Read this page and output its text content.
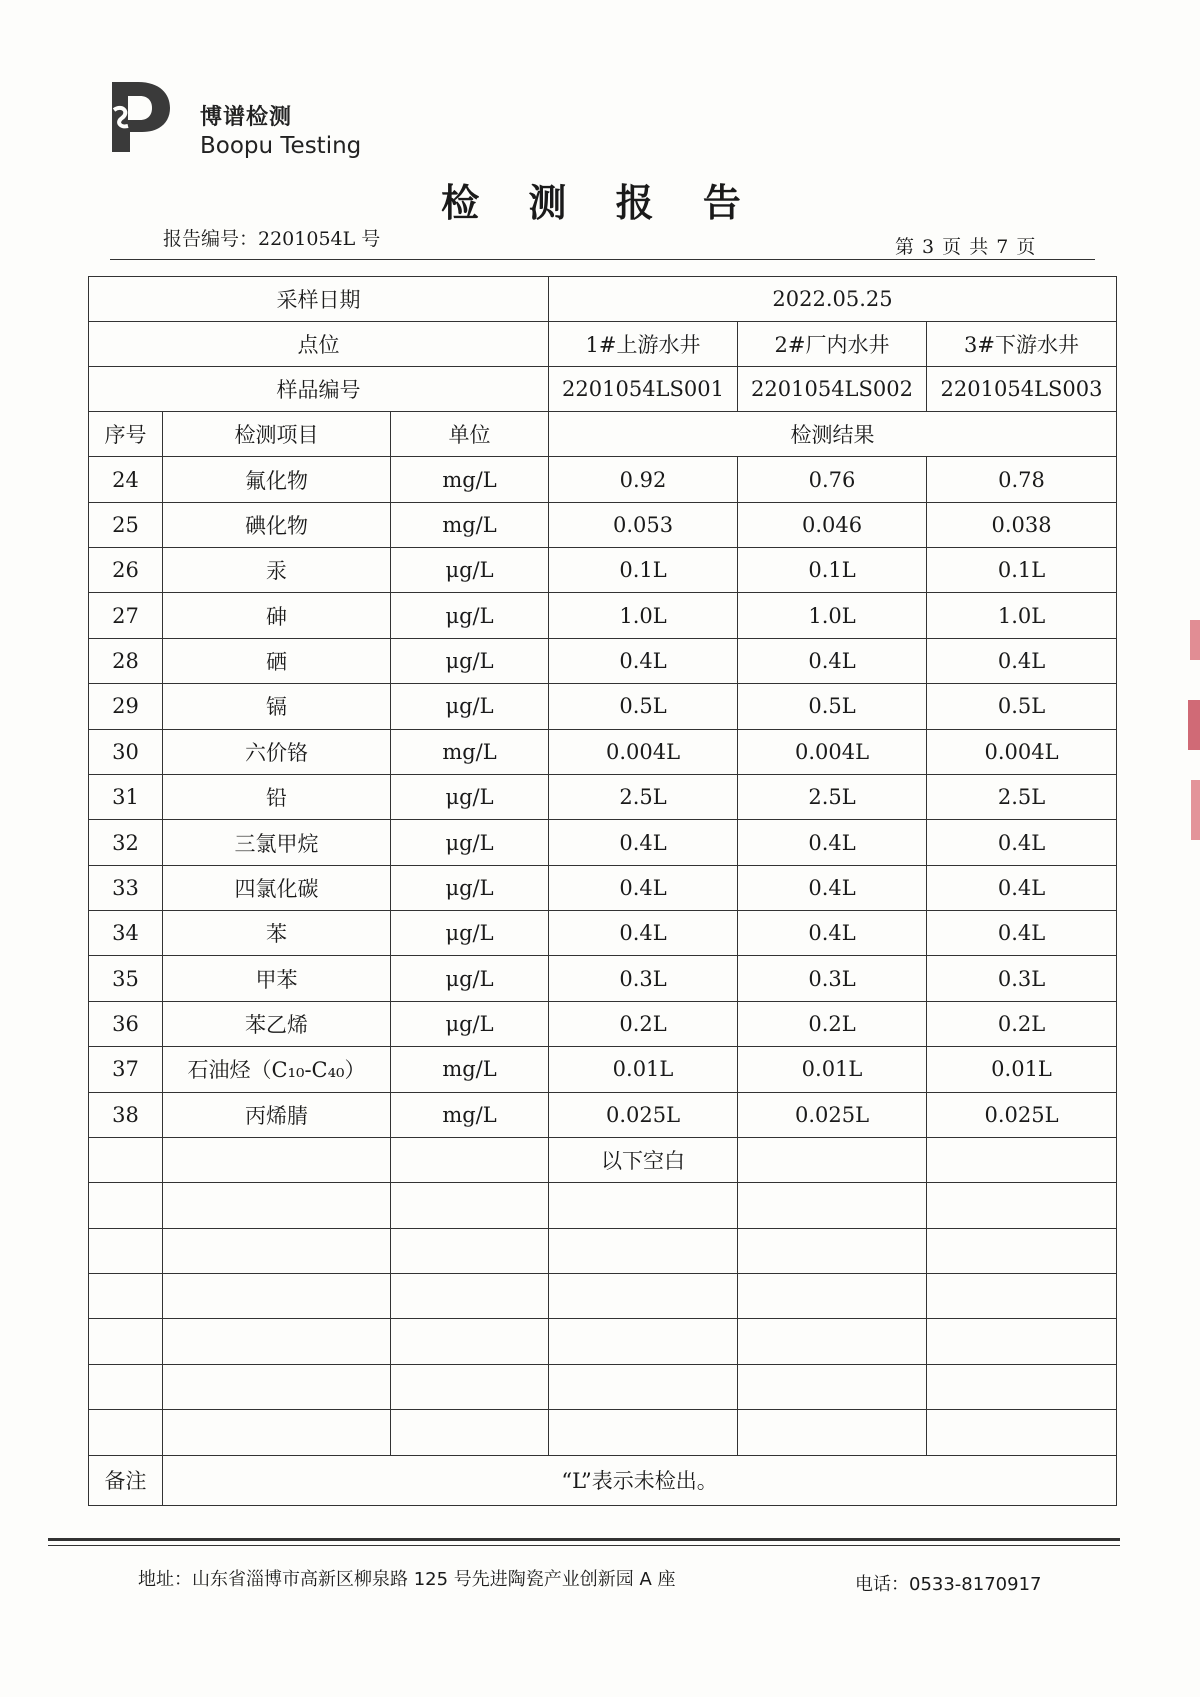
博谱检测
Boopu Testing
检 测 报 告
报告编号：2201054L 号	第 3 页 共 7 页
采样日期			2022.05.25		
点位			1#上游水井	2#厂内水井	3#下游水井
样品编号			2201054LS001	2201054LS002	2201054LS003
序号	检测项目	单位	检测结果		
24	氟化物	mg/L	0.92	0.76	0.78
25	碘化物	mg/L	0.053	0.046	0.038
26	汞	μg/L	0.1L	0.1L	0.1L
27	砷	μg/L	1.0L	1.0L	1.0L
28	硒	μg/L	0.4L	0.4L	0.4L
29	镉	μg/L	0.5L	0.5L	0.5L
30	六价铬	mg/L	0.004L	0.004L	0.004L
31	铅	μg/L	2.5L	2.5L	2.5L
32	三氯甲烷	μg/L	0.4L	0.4L	0.4L
33	四氯化碳	μg/L	0.4L	0.4L	0.4L
34	苯	μg/L	0.4L	0.4L	0.4L
35	甲苯	μg/L	0.3L	0.3L	0.3L
36	苯乙烯	μg/L	0.2L	0.2L	0.2L
37	石油烃（C₁₀-C₄₀）	mg/L	0.01L	0.01L	0.01L
38	丙烯腈	mg/L	0.025L	0.025L	0.025L
			以下空白		

备注	“L”表示未检出。				
地址：山东省淄博市高新区柳泉路 125 号先进陶瓷产业创新园 A 座	电话：0533-8170917
